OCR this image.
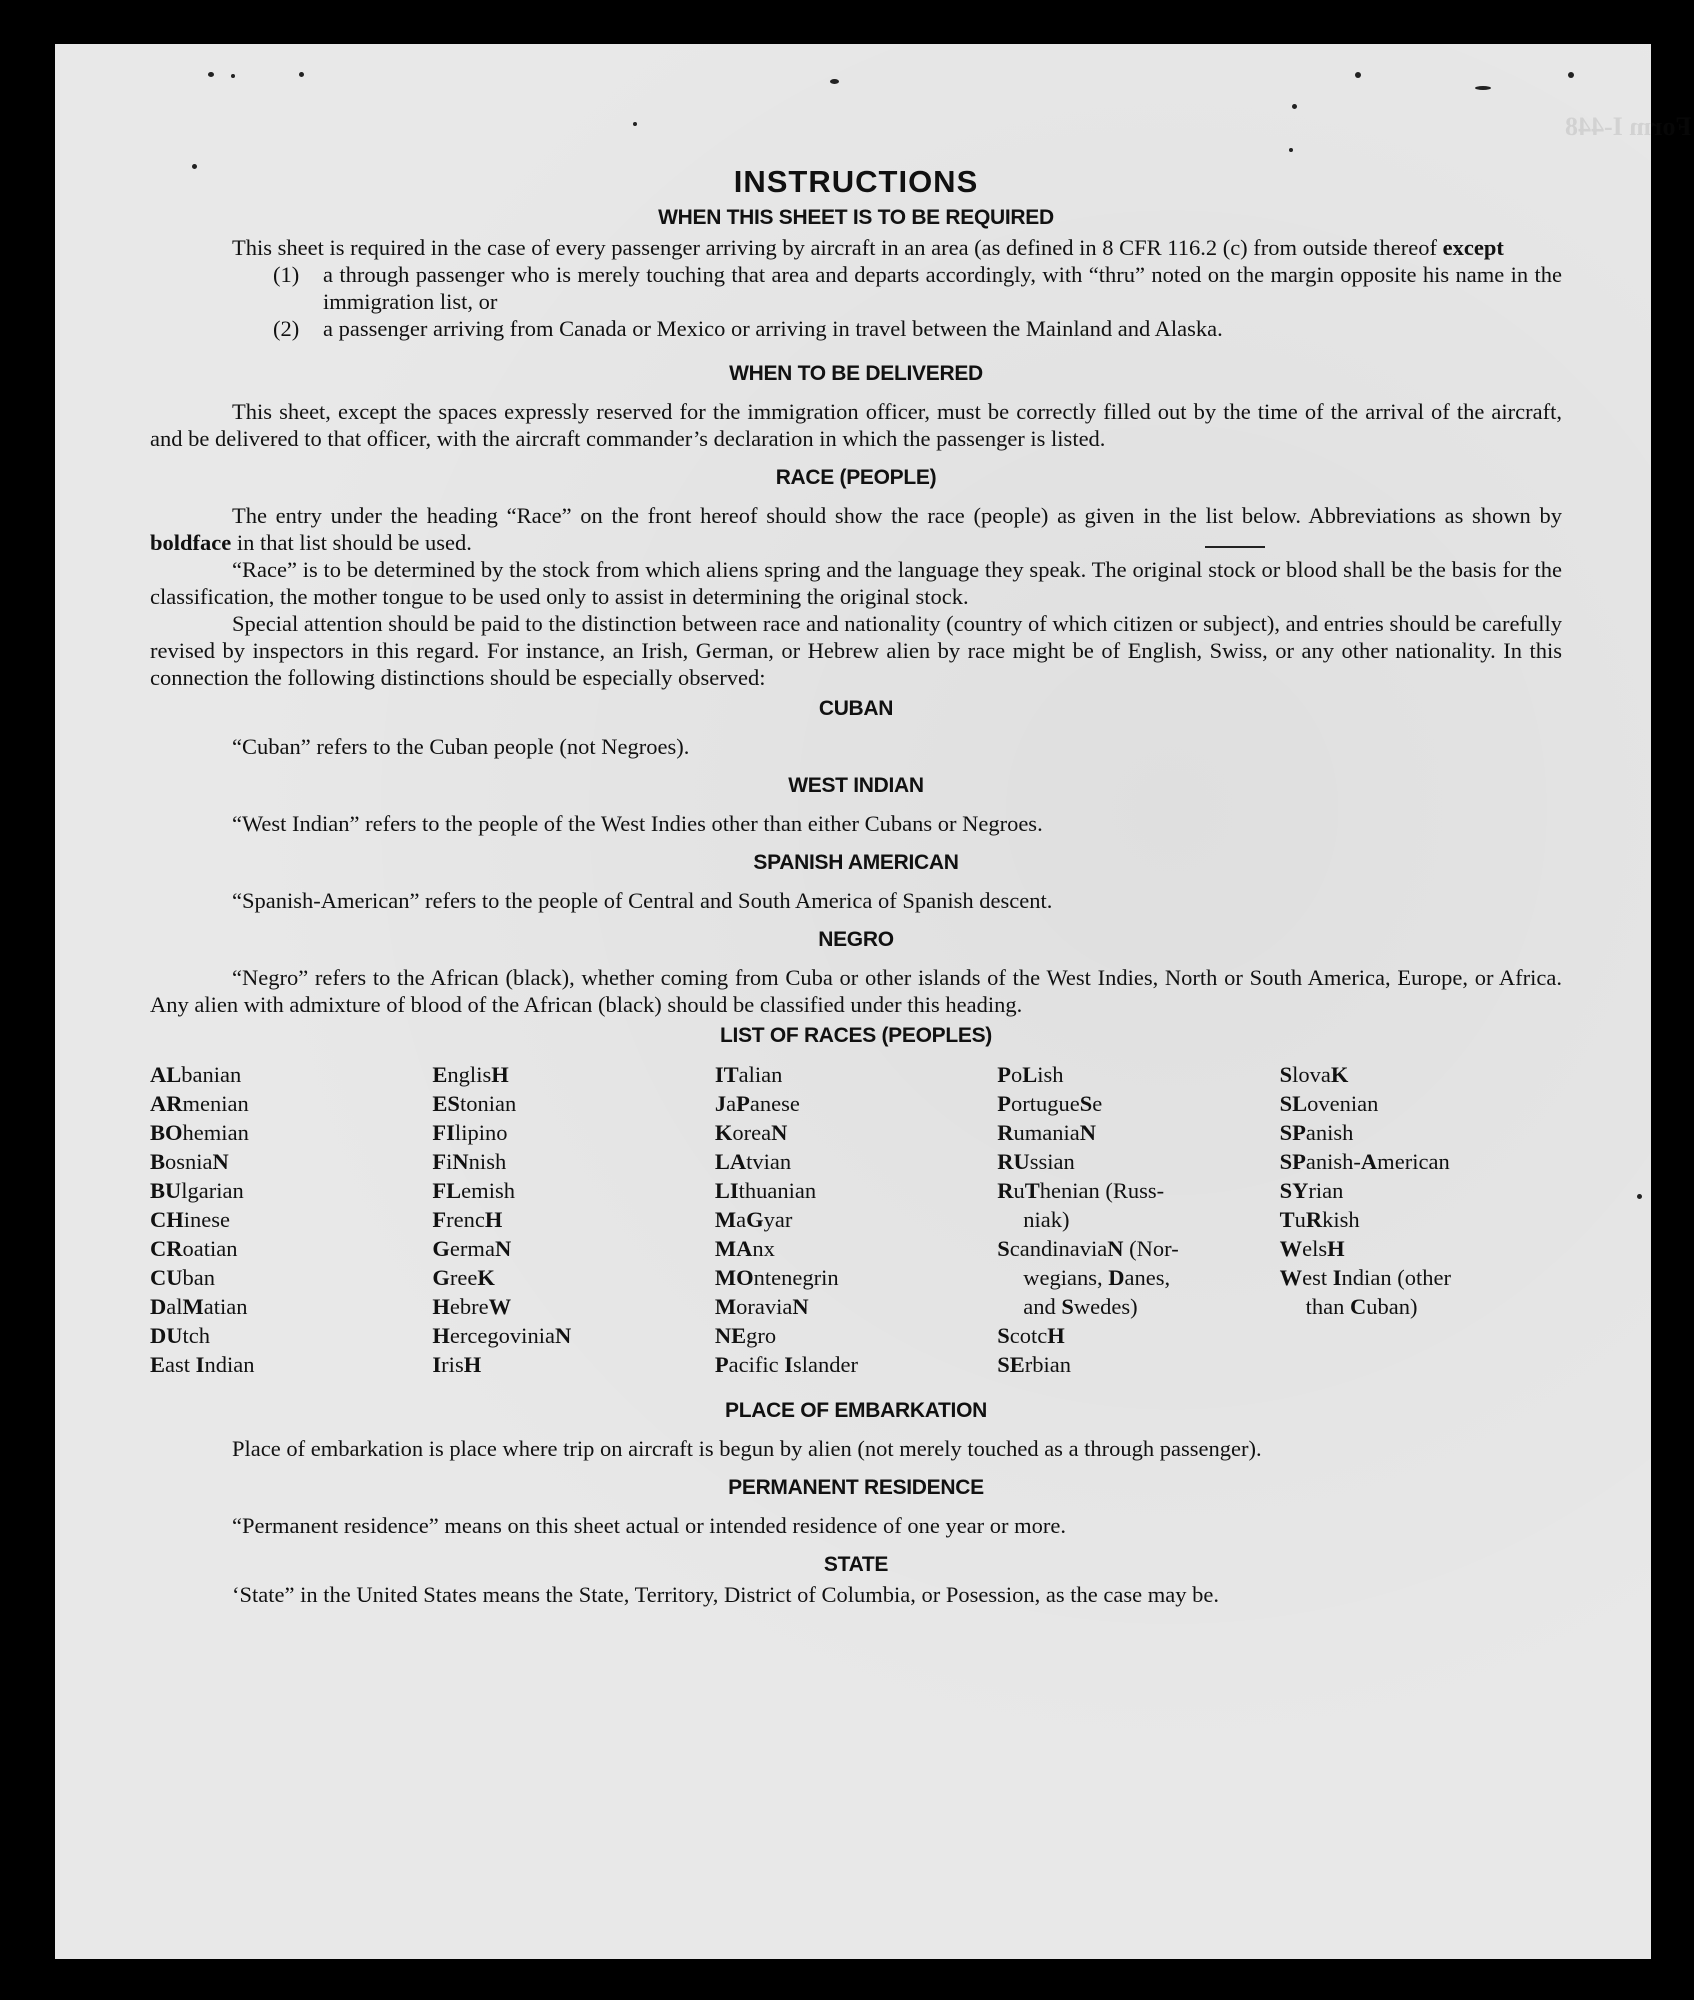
Form I-448
INSTRUCTIONS
WHEN THIS SHEET IS TO BE REQUIRED

This sheet is required in the case of every passenger arriving by aircraft in an area (as defined in 8 CFR 116.2 (c) from outside thereof except

(1)	a through passenger who is merely touching that area and departs accordingly, with “thru” noted on the margin opposite his name in the immigration list, or
(2)	a passenger arriving from Canada or Mexico or arriving in travel between the Mainland and Alaska.
WHEN TO BE DELIVERED

This sheet, except the spaces expressly reserved for the immigration officer, must be correctly filled out by the time of the arrival of the aircraft, and be delivered to that officer, with the aircraft commander’s declaration in which the passenger is listed.

RACE (PEOPLE)

The entry under the heading “Race” on the front hereof should show the race (people) as given in the list below. Abbreviations as shown by boldface in that list should be used.

“Race” is to be determined by the stock from which aliens spring and the language they speak. The original stock or blood shall be the basis for the classification, the mother tongue to be used only to assist in determining the original stock.

Special attention should be paid to the distinction between race and nationality (country of which citizen or subject), and entries should be carefully revised by inspectors in this regard. For instance, an Irish, German, or Hebrew alien by race might be of English, Swiss, or any other nationality. In this connection the following distinctions should be especially observed:

CUBAN

“Cuban” refers to the Cuban people (not Negroes).

WEST INDIAN

“West Indian” refers to the people of the West Indies other than either Cubans or Negroes.

SPANISH AMERICAN

“Spanish-American” refers to the people of Central and South America of Spanish descent.

NEGRO

“Negro” refers to the African (black), whether coming from Cuba or other islands of the West Indies, North or South America, Europe, or Africa. Any alien with admixture of blood of the African (black) should be classified under this heading.

LIST OF RACES (PEOPLES)
ALbanian
ARmenian
BOhemian
BosniaN
BUlgarian
CHinese
CRoatian
CUban
DalMatian
DUtch
East Indian
EnglisH
EStonian
FIlipino
FiNnish
FLemish
FrencH
GermaN
GreeK
HebreW
HercegoviniaN
IrisH
ITalian
JaPanese
KoreaN
LAtvian
LIthuanian
MaGyar
MAnx
MOntenegrin
MoraviaN
NEgro
Pacific Islander
PoLish
PortugueSe
RumaniaN
RUssian
RuThenian (Russ-
niak)
ScandinaviaN (Nor-
wegians, Danes,
and Swedes)
ScotcH
SErbian
SlovaK
SLovenian
SPanish
SPanish-American
SYrian
TuRkish
WelsH
West Indian (other
than Cuban)
PLACE OF EMBARKATION

Place of embarkation is place where trip on aircraft is begun by alien (not merely touched as a through passenger).

PERMANENT RESIDENCE

“Permanent residence” means on this sheet actual or intended residence of one year or more.

STATE

‘State” in the United States means the State, Territory, District of Columbia, or Posession, as the case may be.
